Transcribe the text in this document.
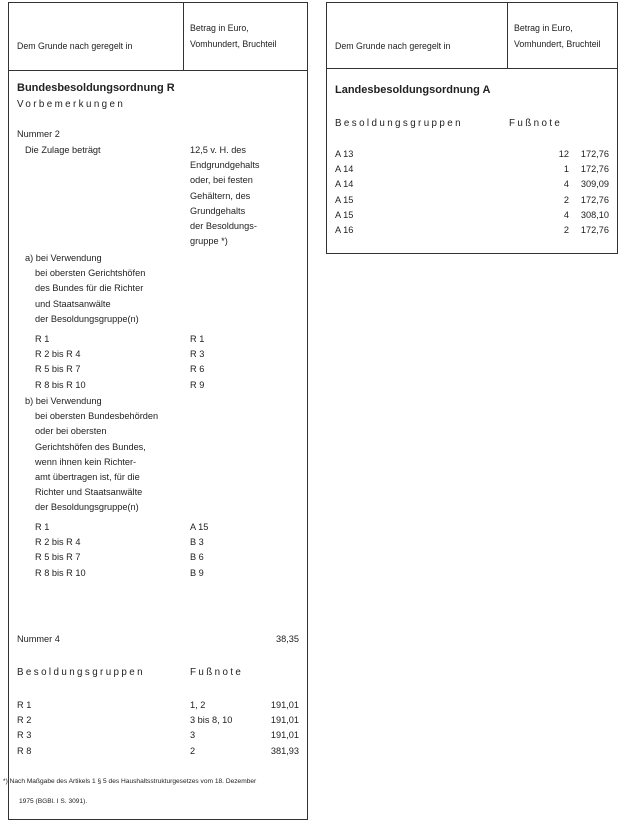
Dem Grunde nach geregelt in
Betrag in Euro,
Vomhundert, Bruchteil
Bundesbesoldungsordnung R
Vorbemerkungen
Nummer 2
Die Zulage beträgt	12,5 v. H. des
Endgrundgehalts
oder, bei festen
Gehältern, des
Grundgehalts
der Besoldungs-
gruppe *)
a) bei Verwendung
bei obersten Gerichtshöfen
des Bundes für die Richter
und Staatsanwälte
der Besoldungsgruppe(n)
R 1	R 1
R 2 bis R 4	R 3
R 5 bis R 7	R 6
R 8 bis R 10	R 9
b) bei Verwendung
bei obersten Bundesbehörden
oder bei obersten
Gerichtshöfen des Bundes,
wenn ihnen kein Richter-
amt übertragen ist, für die
Richter und Staatsanwälte
der Besoldungsgruppe(n)
R 1	A 15
R 2 bis R 4	B 3
R 5 bis R 7	B 6
R 8 bis R 10	B 9
Nummer 4	38,35
Besoldungsgruppen	Fußnote
R 1	1, 2	191,01
R 2	3 bis 8, 10	191,01
R 3	3	191,01
R 8	2	381,93
*) Nach Maßgabe des Artikels 1 § 5 des Haushaltsstrukturgesetzes vom 18. Dezember
1975 (BGBl. I S. 3091).
Dem Grunde nach geregelt in
Betrag in Euro,
Vomhundert, Bruchteil
Landesbesoldungsordnung A
Besoldungsgruppen	Fußnote
A 13	12 172,76
A 14	1 172,76
A 14	4 309,09
A 15	2 172,76
A 15	4 308,10
A 16	2 172,76
